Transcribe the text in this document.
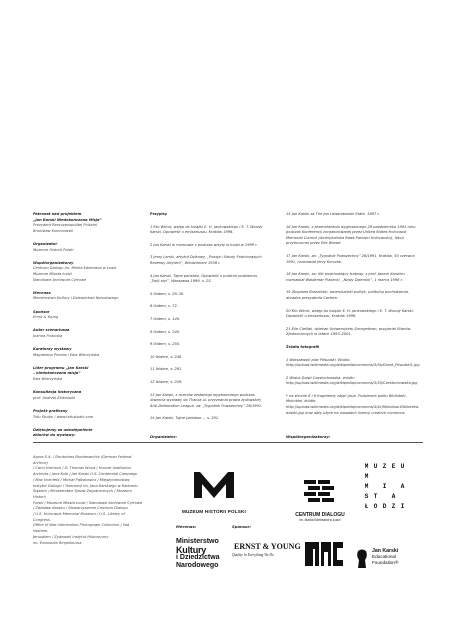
Patronat nad projektem
„Jan Karski Niedokończona Misja”
Prezydent Rzeczypospolitej Polskiej
Bronisław Komorowski
Organizator
Muzeum Historii Polski
Współorganizatorzy
Centrum Dialogu im. Marka Edelmana w Łodzi
Muzeum Miasta Łodzi
Narodowe Archiwum Cyfrowe
Mecenas
Ministerstwo Kultury i Dziedzictwa Narodowego
Sponsor
Ernst & Young
Autor scenariusza
Joanna Podolska
Kuratorzy wystawy
Magdalena Pinelas i Ewa Wierzyńska
Lider programu „Jan Karski
– niedokończona misja”
Ewa Wierzyńska
Konsultacja historyczna
prof. Andrzej Żbikowski
Projekt graficzny
Tofu Studio / www.tofustudio.com
Dziękujemy za udostępnienie
zbiorów do wystawy:
Przypisy
1 Kto Wkrot, wstęp do książki E. H. Jankowskiego i E. T. Woody Karski. Opowieść o emisariuszu. Kraków 1996.
2 Jan Karski w rozmowie z podczas wizyty w Łodzi w 1999 r.
3 Jerzy Lerski, artykuł Dzikowy, „Poezja i Szkoły Podchorążych Rezerwy Artylerii”, Włodzimierz 1936 r.
4 Jan Karski, Tajne państwo, Opowieść o polskim podziemiu, „Twój styl”, Warszawa 1999, s. 25.
5 Ibidem, s. 29–30.
6 Ibidem, s. 72.
7 Ibidem, s. 140.
8 Ibidem, s. 240.
9 Ibidem, s. 250.
10 Ibidem, s. 248.
11 Ibidem, s. 261.
12 Ibidem, s. 259.
13 Jan Karski, z rozmów zesłanego wygłoszonego podczas otwarcia wystawy do Tkacza ul. przyznania prawa żydowskiej Anti-Defamation League, za: „Tygodnik Powszechny” 26/1991.
14 Jan Karski, Tajne państwo..., s. 291.
15 Jan Karski za The Jan Lewandowski State, 1987 r.
16 Jan Karski, z przemówienia wygłoszonego 26 października 1981 roku podczas Konferencji zorganizowanej przez United States Holocaust Memorial Council (Amerykańska Rada Pamięci Holocaustu), lekcji przytoczonej przez Elie Wiesel.
17 Jan Karski, za: „Tygodnik Powszechny” 26/1991, Kraków, 30 czerwca 1991, rozmawiał Jerzy Korczak.
18 Jan Karski, za: Nić podchodzący tratowy, z prof. Janem Karskim rozmawiał Waldemar Piasecki, „Nowy Dziennik”, 1 marca 1998 r.
19 Zbigniew Brzeziński, amerykański polityk, politolog pochodzenia, doradca prezydenta Cartera.
20 Kto Wkrot, wstęp do książki E. H. Jankowskiego i E. T. Woody Karski. Opowieść o emisariuszu, Kraków 1996.
21 Elie Cieślak, dziekan Uniwersytetu Georgetown, przyjaciel Stanów Zjednoczonych w latach 1993–2001.
Źródła fotografii
1 Warszawski plac Piłsudski. Wodlo: http://upload.wikimedia.org/wikipedia/commons/3/3b/Grant_Pilsudski1.jpg
2 Widok Daiwi Częstochowska. źródło: http://upload.wikimedia.org/wikipedia/commons/3/35/Czestochowska.jpg
* na stronie 8 i 9 fragmenty zdjęć grup. Podziemie pułku Biblioteki-Mokotów, źródło: http://upload.wikimedia.org/wikipedia/commons/4/4c/Mokotow-Biblioteka-widzki.jpg oraz daty użyte na zasadach licencji creative commons
Organizator:	Współorganizatorzy:
Agora S.A. / Deutsches Bundesarchiv (German Federal Archive)
/ Carol Harrison / D. Thomas Wood / Hoover Institution
Archives / Jens Kolb / Jan Karski U.S. Centennial Campaign
/ Max Hornfeld / Michał Pajkalowicz / Międzynarodowy
Instytut Dialogu i Tolerancji im. Jana Karskiego w Radomiu
Śląskim / Ministerstwo Spraw Zagranicznych / Muzeum Historii
Polski / Muzeum Miasta Łodzi / Narodowe Archiwum Cyfrowe
/ Zdzisław Kaszku / Stowarzyszenie Centrum Dialogu
/ U.S. Holocaust Memorial Museum / U.S. Library of Congress,
Office of War Information Photograph Collection / Yad Vashem,
Jerusalem / Żydowski Instytut Historyczny
im. Emanuela Ringelbluma
MUZEUM HISTORII POLSKI
CENTRUM DIALOGU
im. Marka Edelmana w Łodzi
M U Z E U
M
M	I	A
S T	A
Ł O D Z I
Mecenas:	Sponsor:
Ministerstwo
Kultury
i Dziedzictwa
Narodowego
ERNST & YOUNG
Quality In Everything We Do
Jan Karski
Educational
Foundation®
